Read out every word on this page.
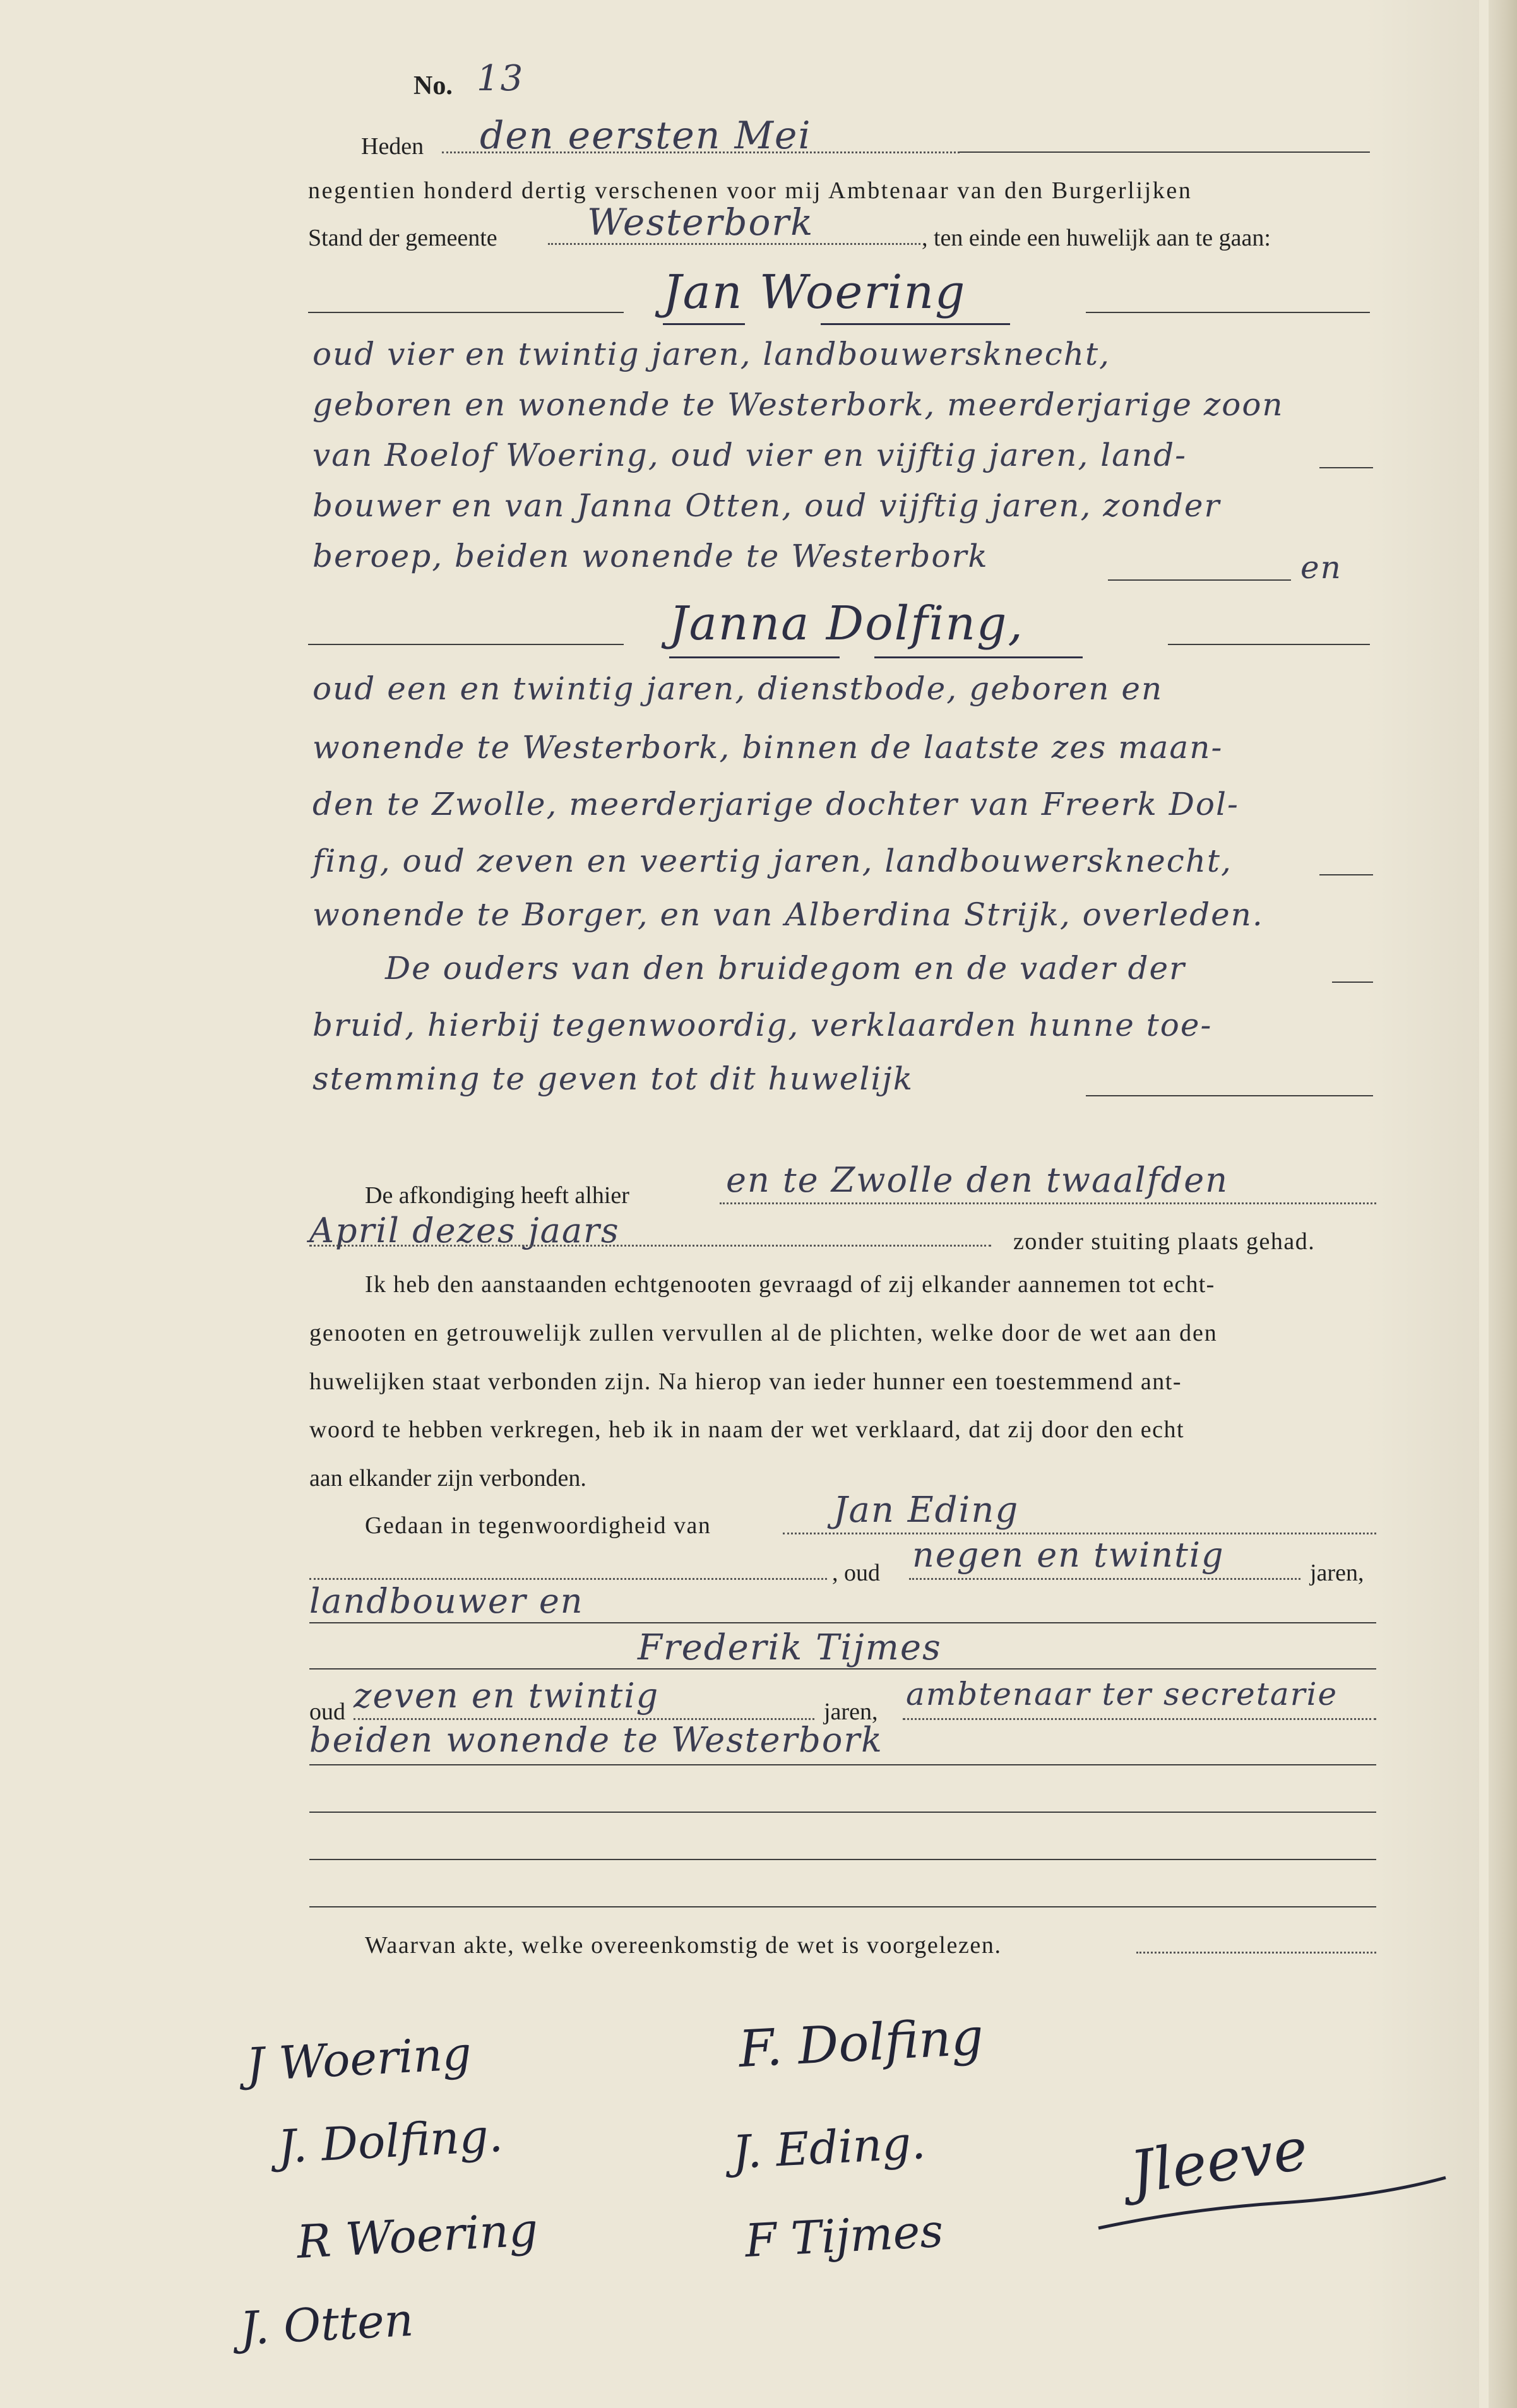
No. 13
Heden den eersten Mei
negentien honderd dertig verschenen voor mij Ambtenaar van den Burgerlijken
Stand der gemeente Westerbork	, ten einde een huwelijk aan te gaan:
Jan Woering
oud vier en twintig jaren, landbouwersknecht,
geboren en wonende te Westerbork, meerderjarige zoon
van Roelof Woering, oud vier en vijftig jaren, land-
bouwer en van Janna Otten, oud vijftig jaren, zonder
beroep, beiden wonende te Westerbork	en
Janna Dolfing,
oud een en twintig jaren, dienstbode, geboren en
wonende te Westerbork, binnen de laatste zes maan-
den te Zwolle, meerderjarige dochter van Freerk Dol-
fing, oud zeven en veertig jaren, landbouwersknecht,
wonende te Borger, en van Alberdina Strijk, overleden.
De ouders van den bruidegom en de vader der
bruid, hierbij tegenwoordig, verklaarden hunne toe-
stemming te geven tot dit huwelijk
De afkondiging heeft alhier	en te Zwolle den twaalfden
April dezes jaars	zonder stuiting plaats gehad.
Ik heb den aanstaanden echtgenooten gevraagd of zij elkander aannemen tot echt-
genooten en getrouwelijk zullen vervullen al de plichten, welke door de wet aan den
huwelijken staat verbonden zijn. Na hierop van ieder hunner een toestemmend ant-
woord te hebben verkregen, heb ik in naam der wet verklaard, dat zij door den echt
aan elkander zijn verbonden.
Gedaan in tegenwoordigheid van	Jan Eding
, oud negen en twintig	jaren,
landbouwer en
Frederik Tijmes
oud zeven en twintig	jaren, ambtenaar ter secretarie
beiden wonende te Westerbork
Waarvan akte, welke overeenkomstig de wet is voorgelezen.
J Woering
J. Dolfing.
R Woering
J. Otten
F. Dolfing
J. Eding.
F Tijmes
Jleeve
